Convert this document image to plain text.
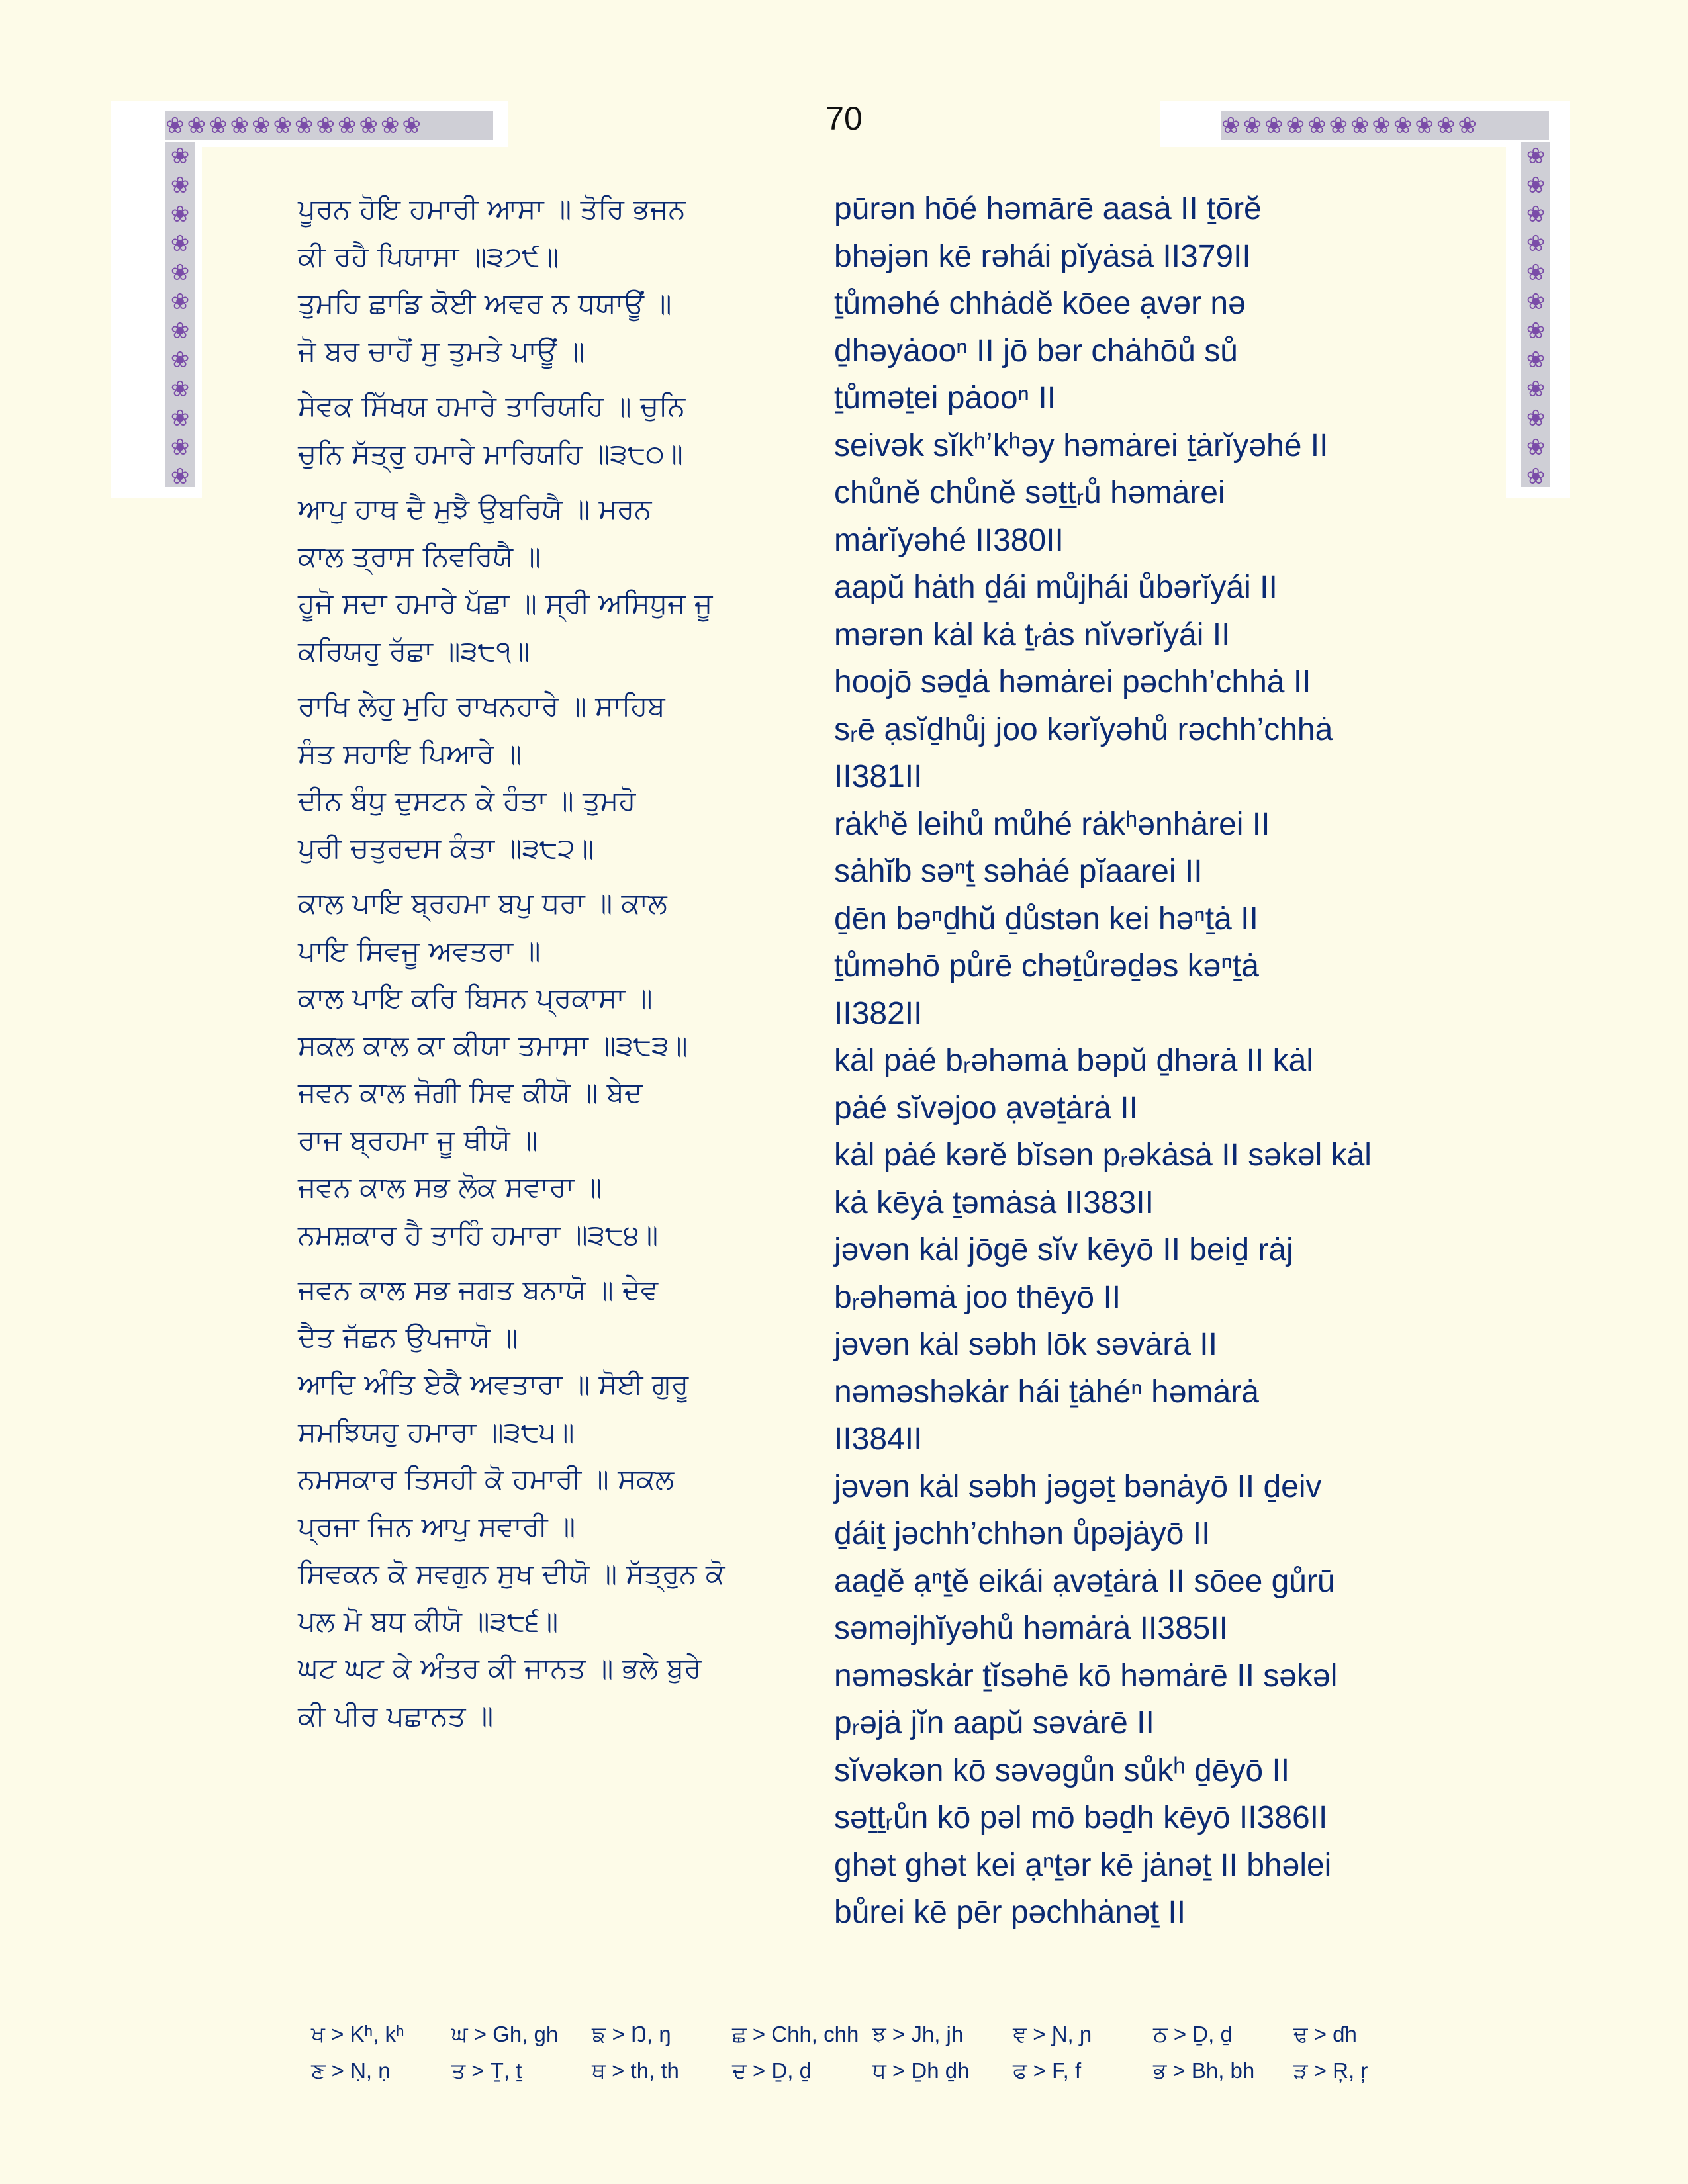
❀❀❀❀❀❀❀❀❀❀❀❀
❀❀❀❀❀❀❀❀❀❀❀❀
❀❀❀❀❀❀❀❀❀❀❀❀
❀❀❀❀❀❀❀❀❀❀❀❀
70
ਪੂਰਨ ਹੋਇ ਹਮਾਰੀ ਆਸਾ ॥ ਤੋਰਿ ਭਜਨ
ਕੀ ਰਹੈ ਪਿਯਾਸਾ ॥੩੭੯॥
ਤੁਮਹਿ ਛਾਡਿ ਕੋਈ ਅਵਰ ਨ ਧਯਾਊਂ ॥
ਜੋ ਬਰ ਚਾਹੋਂ ਸੁ ਤੁਮਤੇ ਪਾਊਂ ॥
ਸੇਵਕ ਸਿੱਖਯ ਹਮਾਰੇ ਤਾਰਿਯਹਿ ॥ ਚੁਨਿ
ਚੁਨਿ ਸੱਤ੍ਰੁ ਹਮਾਰੇ ਮਾਰਿਯਹਿ ॥੩੮੦॥
ਆਪੁ ਹਾਥ ਦੈ ਮੁਝੈ ਉਬਰਿਯੈ ॥ ਮਰਨ
ਕਾਲ ਤ੍ਰਾਸ ਨਿਵਰਿਯੈ ॥
ਹੂਜੋ ਸਦਾ ਹਮਾਰੇ ਪੱਛਾ ॥ ਸ੍ਰੀ ਅਸਿਧੁਜ ਜੂ
ਕਰਿਯਹੁ ਰੱਛਾ ॥੩੮੧॥
ਰਾਖਿ ਲੇਹੁ ਮੁਹਿ ਰਾਖਨਹਾਰੇ ॥ ਸਾਹਿਬ
ਸੰਤ ਸਹਾਇ ਪਿਆਰੇ ॥
ਦੀਨ ਬੰਧੁ ਦੁਸਟਨ ਕੇ ਹੰਤਾ ॥ ਤੁਮਹੋ
ਪੁਰੀ ਚਤੁਰਦਸ ਕੰਤਾ ॥੩੮੨॥
ਕਾਲ ਪਾਇ ਬ੍ਰਹਮਾ ਬਪੁ ਧਰਾ ॥ ਕਾਲ
ਪਾਇ ਸਿਵਜੂ ਅਵਤਰਾ ॥
ਕਾਲ ਪਾਇ ਕਰਿ ਬਿਸਨ ਪ੍ਰਕਾਸਾ ॥
ਸਕਲ ਕਾਲ ਕਾ ਕੀਯਾ ਤਮਾਸਾ ॥੩੮੩॥
ਜਵਨ ਕਾਲ ਜੋਗੀ ਸਿਵ ਕੀਯੋ ॥ ਬੇਦ
ਰਾਜ ਬ੍ਰਹਮਾ ਜੂ ਥੀਯੋ ॥
ਜਵਨ ਕਾਲ ਸਭ ਲੋਕ ਸਵਾਰਾ ॥
ਨਮਸ਼ਕਾਰ ਹੈ ਤਾਹਿੰ ਹਮਾਰਾ ॥੩੮੪॥
ਜਵਨ ਕਾਲ ਸਭ ਜਗਤ ਬਨਾਯੋ ॥ ਦੇਵ
ਦੈਤ ਜੱਛਨ ਉਪਜਾਯੋ ॥
ਆਦਿ ਅੰਤਿ ਏਕੈ ਅਵਤਾਰਾ ॥ ਸੋਈ ਗੁਰੂ
ਸਮਝਿਯਹੁ ਹਮਾਰਾ ॥੩੮੫॥
ਨਮਸਕਾਰ ਤਿਸਹੀ ਕੋ ਹਮਾਰੀ ॥ ਸਕਲ
ਪ੍ਰਜਾ ਜਿਨ ਆਪੁ ਸਵਾਰੀ ॥
ਸਿਵਕਨ ਕੋ ਸਵਗੁਨ ਸੁਖ ਦੀਯੋ ॥ ਸੱਤ੍ਰੁਨ ਕੋ
ਪਲ ਮੋ ਬਧ ਕੀਯੋ ॥੩੮੬॥
ਘਟ ਘਟ ਕੇ ਅੰਤਰ ਕੀ ਜਾਨਤ ॥ ਭਲੇ ਬੁਰੇ
ਕੀ ਪੀਰ ਪਛਾਨਤ ॥
pūrən hōé həmārē aasȧ II ṯōrĕ
bhəjən kē rəhái pĭyȧsȧ II379II
ṯůməhé chhȧdĕ kōee ạvər nə
ḏhəyȧooⁿ II jō bər chȧhōů sů
ṯůməṯei pȧooⁿ II
seivək sĭkʰʼkʰəy həmȧrei ṯȧrĭyəhé II
chůnĕ chůnĕ səṯṯᵣů həmȧrei
mȧrĭyəhé II380II
aapŭ hȧth ḏái můjhái ůbərĭyái II
mərən kȧl kȧ ṯᵣȧs nĭvərĭyái II
hoojō səḏȧ həmȧrei pəchh’chhȧ II
sᵣē ạsĭḏhůj joo kərĭyəhů rəchh’chhȧ
II381II
rȧkʰĕ leihů můhé rȧkʰənhȧrei II
sȧhĭb səⁿṯ səhȧé pĭaarei II
ḏēn bəⁿḏhŭ ḏůstən kei həⁿṯȧ II
ṯůməhō půrē chəṯůrəḏəs kəⁿṯȧ
II382II
kȧl pȧé bᵣəhəmȧ bəpŭ ḏhərȧ II kȧl
pȧé sĭvəjoo ạvəṯȧrȧ II
kȧl pȧé kərĕ bĭsən pᵣəkȧsȧ II səkəl kȧl
kȧ kēyȧ ṯəmȧsȧ II383II
jəvən kȧl jōgē sĭv kēyō II beiḏ rȧj
bᵣəhəmȧ joo thēyō II
jəvən kȧl səbh lōk səvȧrȧ II
nəməshəkȧr hái ṯȧhéⁿ həmȧrȧ
II384II
jəvən kȧl səbh jəgəṯ bənȧyō II ḏeiv
ḏáiṯ jəchh’chhən ůpəjȧyō II
aaḏĕ ạⁿṯĕ eikái ạvəṯȧrȧ II sōee gůrū
səməjhĭyəhů həmȧrȧ II385II
nəməskȧr ṯĭsəhē kō həmȧrē II səkəl
pᵣəjȧ jĭn aapŭ səvȧrē II
sĭvəkən kō səvəgůn sůkʰ ḏēyō II
səṯṯᵣůn kō pəl mō bəḏh kēyō II386II
ghət ghət kei ạⁿṯər kē jȧnəṯ II bhəlei
bůrei kē pēr pəchhȧnəṯ II
ਖ > Kʰ, kʰ	ਘ > Gh, gh	ਙ > Ŋ, ŋ	ਛ > Chh, chh ਝ > Jh, jh	ਞ > Ɲ, ɲ	ਠ > Ḏ, ḏ	ਢ > ɗh
ਣ > Ṇ, ṇ	ਤ > Ṯ, ṯ	ਥ > th, th	ਦ > Ḏ, ḏ	ਧ > Ḏh ḏh	ਫ > F, f	ਭ > Bh, bh	ੜ > Ŗ, ŗ
